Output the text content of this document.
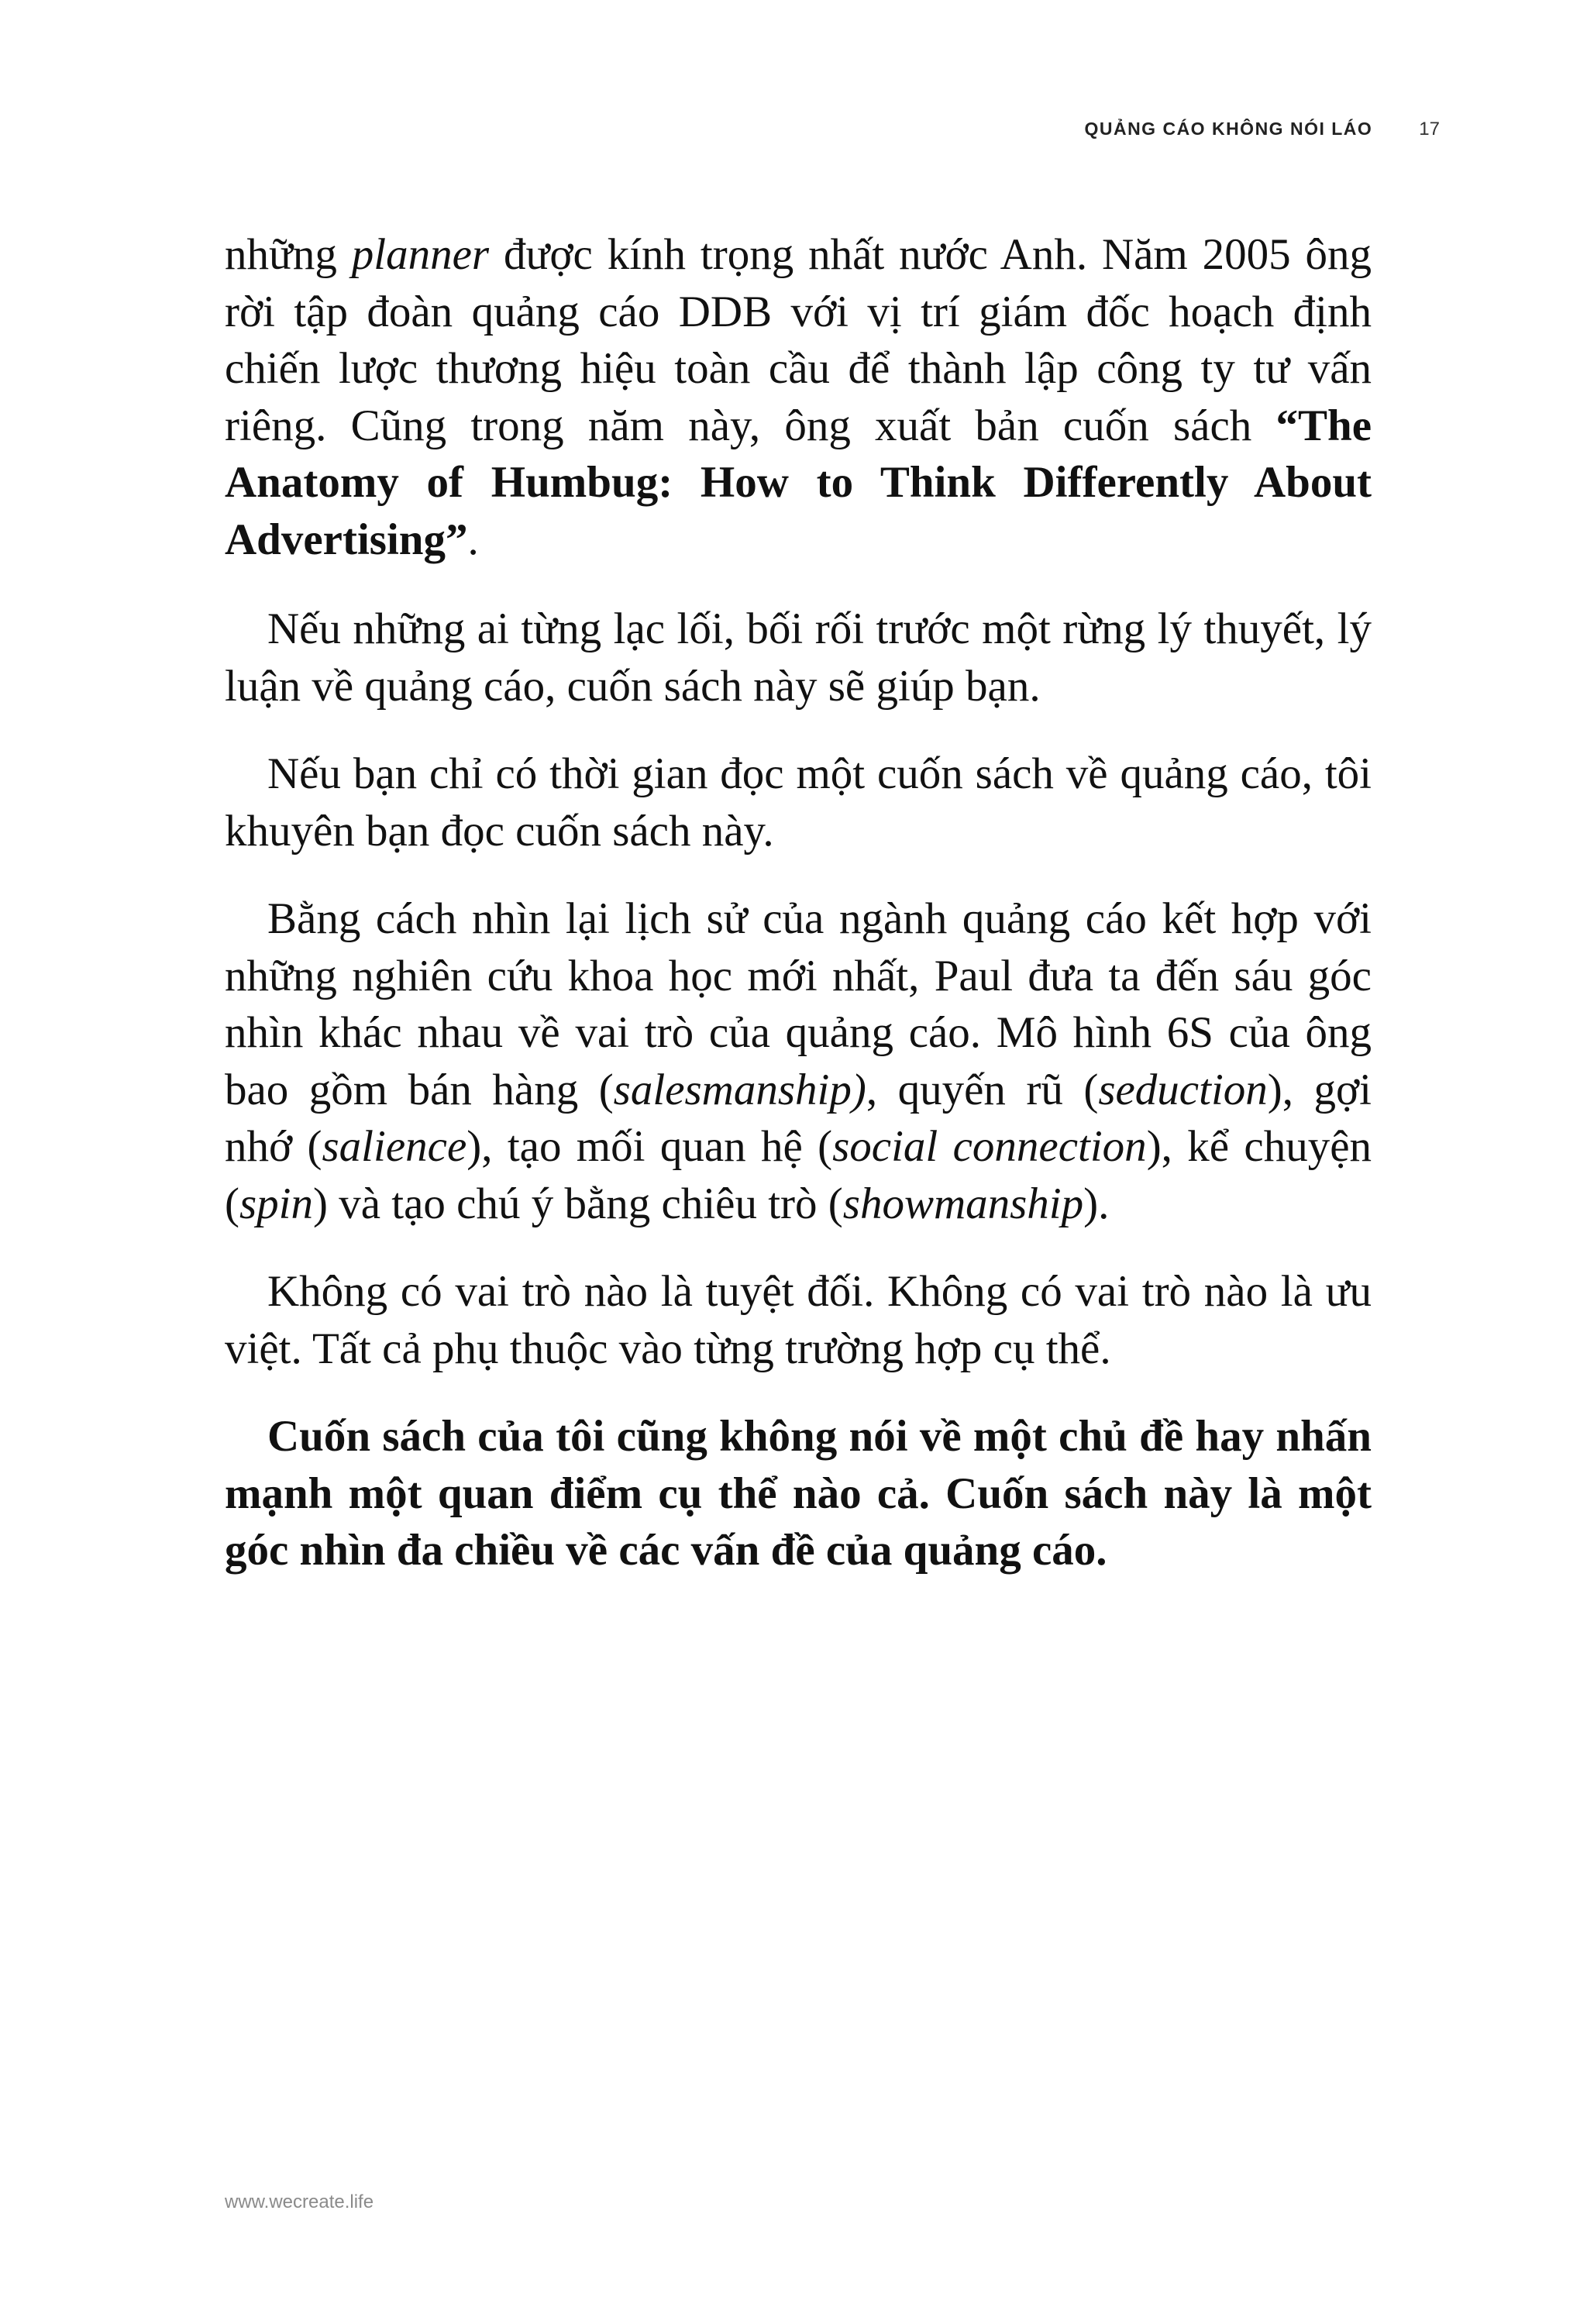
QUẢNG CÁO KHÔNG NÓI LÁO	17

những planner được kính trọng nhất nước Anh. Năm 2005 ông rời tập đoàn quảng cáo DDB với vị trí giám đốc hoạch định chiến lược thương hiệu toàn cầu để thành lập công ty tư vấn riêng. Cũng trong năm này, ông xuất bản cuốn sách “The Anatomy of Humbug: How to Think Differently About Advertising”.

Nếu những ai từng lạc lối, bối rối trước một rừng lý thuyết, lý luận về quảng cáo, cuốn sách này sẽ giúp bạn.

Nếu bạn chỉ có thời gian đọc một cuốn sách về quảng cáo, tôi khuyên bạn đọc cuốn sách này.

Bằng cách nhìn lại lịch sử của ngành quảng cáo kết hợp với những nghiên cứu khoa học mới nhất, Paul đưa ta đến sáu góc nhìn khác nhau về vai trò của quảng cáo. Mô hình 6S của ông bao gồm bán hàng (salesmanship), quyến rũ (seduction), gợi nhớ (salience), tạo mối quan hệ (social connection), kể chuyện (spin) và tạo chú ý bằng chiêu trò (showmanship).

Không có vai trò nào là tuyệt đối. Không có vai trò nào là ưu việt. Tất cả phụ thuộc vào từng trường hợp cụ thể.

Cuốn sách của tôi cũng không nói về một chủ đề hay nhấn mạnh một quan điểm cụ thể nào cả. Cuốn sách này là một góc nhìn đa chiều về các vấn đề của quảng cáo.

www.wecreate.life
